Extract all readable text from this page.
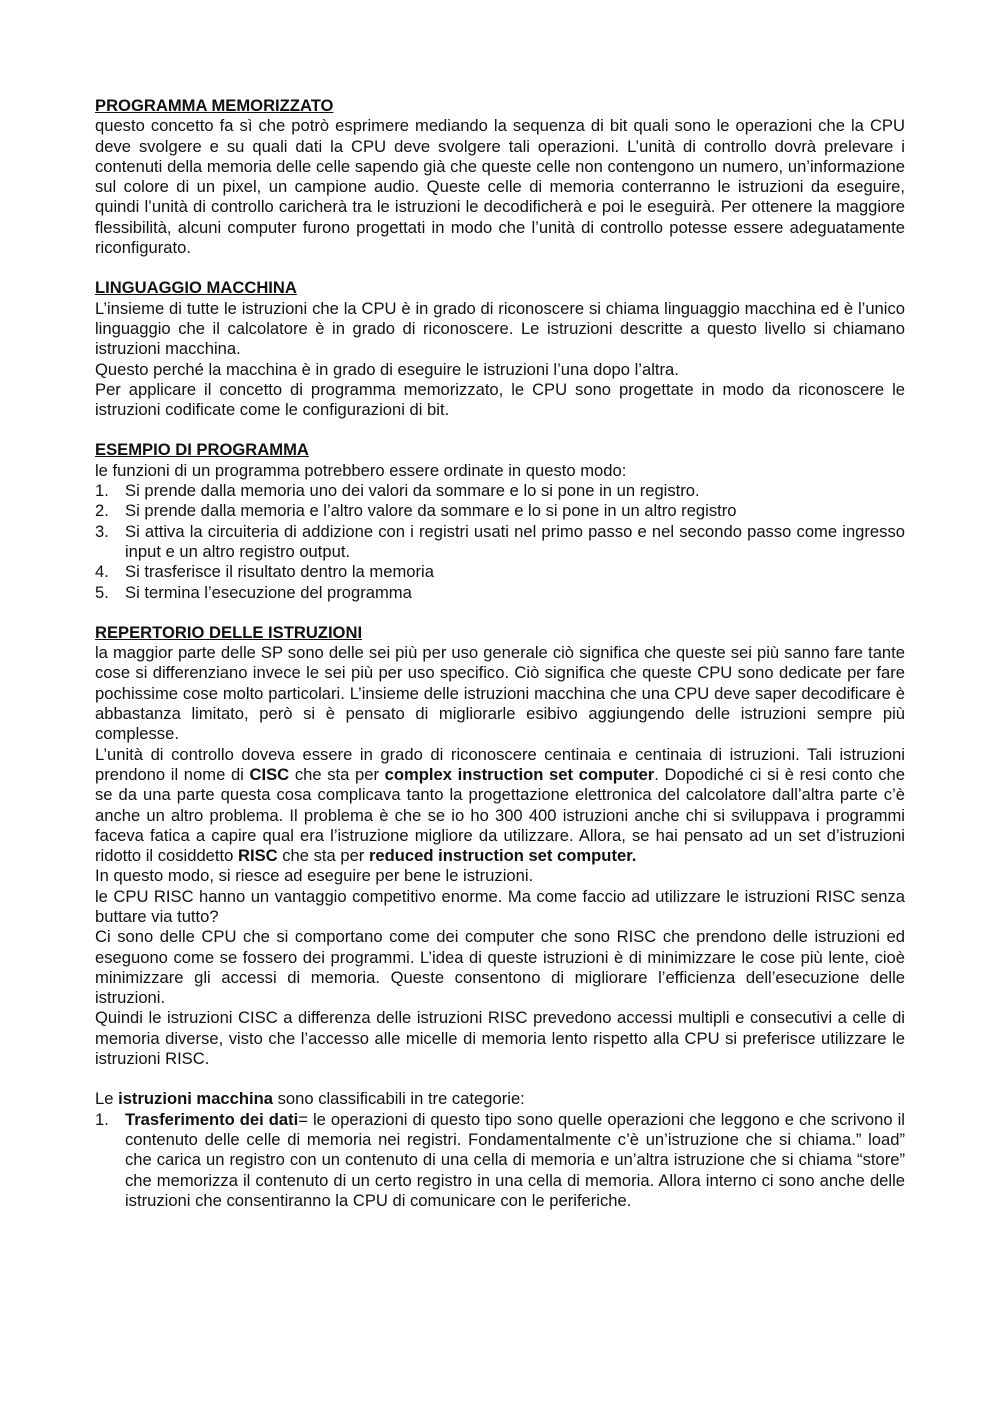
PROGRAMMA MEMORIZZATO

questo concetto fa sì che potrò esprimere mediando la sequenza di bit quali sono le operazioni che la CPU deve svolgere e su quali dati la CPU deve svolgere tali operazioni. L’unità di controllo dovrà prelevare i contenuti della memoria delle celle sapendo già che queste celle non contengono un numero, un’informazione sul colore di un pixel, un campione audio. Queste celle di memoria conterranno le istruzioni da eseguire, quindi l’unità di controllo caricherà tra le istruzioni le decodificherà e poi le eseguirà. Per ottenere la maggiore flessibilità, alcuni computer furono progettati in modo che l’unità di controllo potesse essere adeguatamente riconfigurato.

LINGUAGGIO MACCHINA

L’insieme di tutte le istruzioni che la CPU è in grado di riconoscere si chiama linguaggio macchina ed è l’unico linguaggio che il calcolatore è in grado di riconoscere. Le istruzioni descritte a questo livello si chiamano istruzioni macchina.

Questo perché la macchina è in grado di eseguire le istruzioni l’una dopo l’altra.

Per applicare il concetto di programma memorizzato, le CPU sono progettate in modo da riconoscere le istruzioni codificate come le configurazioni di bit.

ESEMPIO DI PROGRAMMA

le funzioni di un programma potrebbero essere ordinate in questo modo:

1. Si prende dalla memoria uno dei valori da sommare e lo si pone in un registro.
2. Si prende dalla memoria e l’altro valore da sommare e lo si pone in un altro registro
3. Si attiva la circuiteria di addizione con i registri usati nel primo passo e nel secondo passo come ingresso input e un altro registro output.
4. Si trasferisce il risultato dentro la memoria
5. Si termina l’esecuzione del programma
REPERTORIO DELLE ISTRUZIONI

la maggior parte delle SP sono delle sei più per uso generale ciò significa che queste sei più sanno fare tante cose si differenziano invece le sei più per uso specifico. Ciò significa che queste CPU sono dedicate per fare pochissime cose molto particolari. L’insieme delle istruzioni macchina che una CPU deve saper decodificare è abbastanza limitato, però si è pensato di migliorarle esibivo aggiungendo delle istruzioni sempre più complesse.

L’unità di controllo doveva essere in grado di riconoscere centinaia e centinaia di istruzioni. Tali istruzioni prendono il nome di CISC che sta per complex instruction set computer. Dopodiché ci si è resi conto che se da una parte questa cosa complicava tanto la progettazione elettronica del calcolatore dall’altra parte c’è anche un altro problema. Il problema è che se io ho 300 400 istruzioni anche chi si sviluppava i programmi faceva fatica a capire qual era l’istruzione migliore da utilizzare. Allora, se hai pensato ad un set d’istruzioni ridotto il cosiddetto RISC che sta per reduced instruction set computer.

In questo modo, si riesce ad eseguire per bene le istruzioni.

le CPU RISC hanno un vantaggio competitivo enorme. Ma come faccio ad utilizzare le istruzioni RISC senza buttare via tutto?

Ci sono delle CPU che si comportano come dei computer che sono RISC che prendono delle istruzioni ed eseguono come se fossero dei programmi. L’idea di queste istruzioni è di minimizzare le cose più lente, cioè minimizzare gli accessi di memoria. Queste consentono di migliorare l’efficienza dell’esecuzione delle istruzioni.

Quindi le istruzioni CISC a differenza delle istruzioni RISC prevedono accessi multipli e consecutivi a celle di memoria diverse, visto che l’accesso alle micelle di memoria lento rispetto alla CPU si preferisce utilizzare le istruzioni RISC.

Le istruzioni macchina sono classificabili in tre categorie:

1. Trasferimento dei dati= le operazioni di questo tipo sono quelle operazioni che leggono e che scrivono il contenuto delle celle di memoria nei registri. Fondamentalmente c’è un’istruzione che si chiama.” load” che carica un registro con un contenuto di una cella di memoria e un’altra istruzione che si chiama “store” che memorizza il contenuto di un certo registro in una cella di memoria. Allora interno ci sono anche delle istruzioni che consentiranno la CPU di comunicare con le periferiche.
